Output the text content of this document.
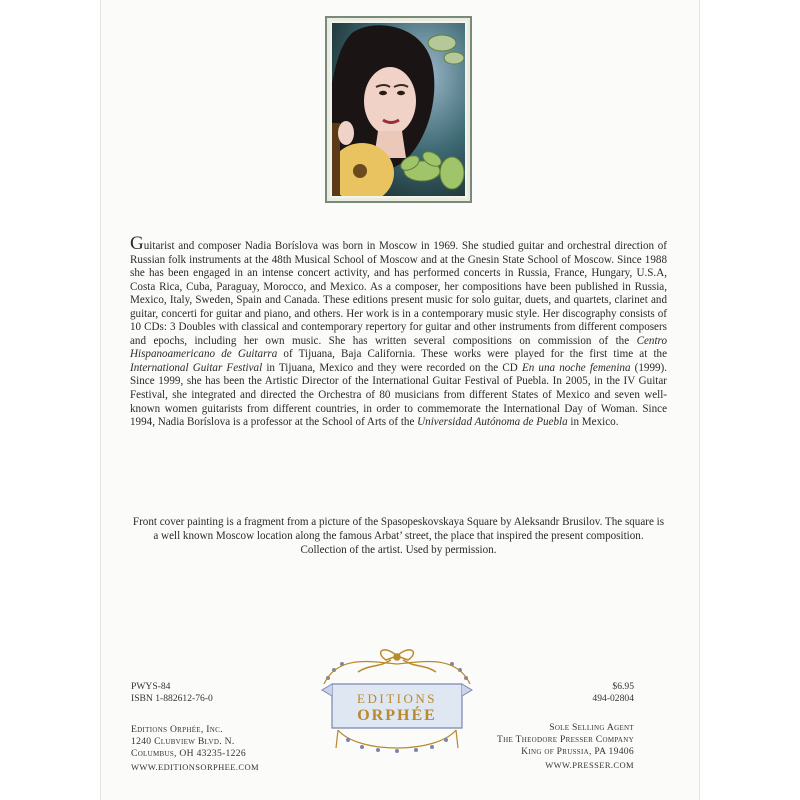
Guitarist and composer Nadia Boríslova was born in Moscow in 1969. She studied guitar and orchestral direction of Russian folk instruments at the 48th Musical School of Moscow and at the Gnesin State School of Moscow. Since 1988 she has been engaged in an intense concert activity, and has performed concerts in Russia, France, Hungary, U.S.A, Costa Rica, Cuba, Paraguay, Morocco, and Mexico. As a composer, her compositions have been published in Russia, Mexico, Italy, Sweden, Spain and Canada. These editions present music for solo guitar, duets, and quartets, clarinet and guitar, concerti for guitar and piano, and others. Her work is in a contemporary music style. Her discography consists of 10 CDs: 3 Doubles with classical and contemporary repertory for guitar and other instruments from different composers and epochs, including her own music. She has written several compositions on commission of the Centro Hispanoamericano de Guitarra of Tijuana, Baja California. These works were played for the first time at the International Guitar Festival in Tijuana, Mexico and they were recorded on the CD En una noche femenina (1999). Since 1999, she has been the Artistic Director of the International Guitar Festival of Puebla. In 2005, in the IV Guitar Festival, she integrated and directed the Orchestra of 80 musicians from different States of Mexico and seven well-known women guitarists from different countries, in order to commemorate the International Day of Woman. Since 1994, Nadia Boríslova is a professor at the School of Arts of the Universidad Autónoma de Puebla in Mexico.

Front cover painting is a fragment from a picture of the Spasopeskovskaya Square by Aleksandr Brusilov. The square is a well known Moscow location along the famous Arbat’ street, the place that inspired the present composition. Collection of the artist. Used by permission.

PWYS-84
ISBN 1-882612-76-0
Editions Orphée, Inc.
1240 Clubview Blvd. N.
Columbus, OH 43235-1226
WWW.EDITIONSORPHEE.COM
$6.95
494-02804
Sole Selling Agent
The Theodore Presser Company
King of Prussia, PA 19406
WWW.PRESSER.COM
EDITIONS
ORPHÉE
